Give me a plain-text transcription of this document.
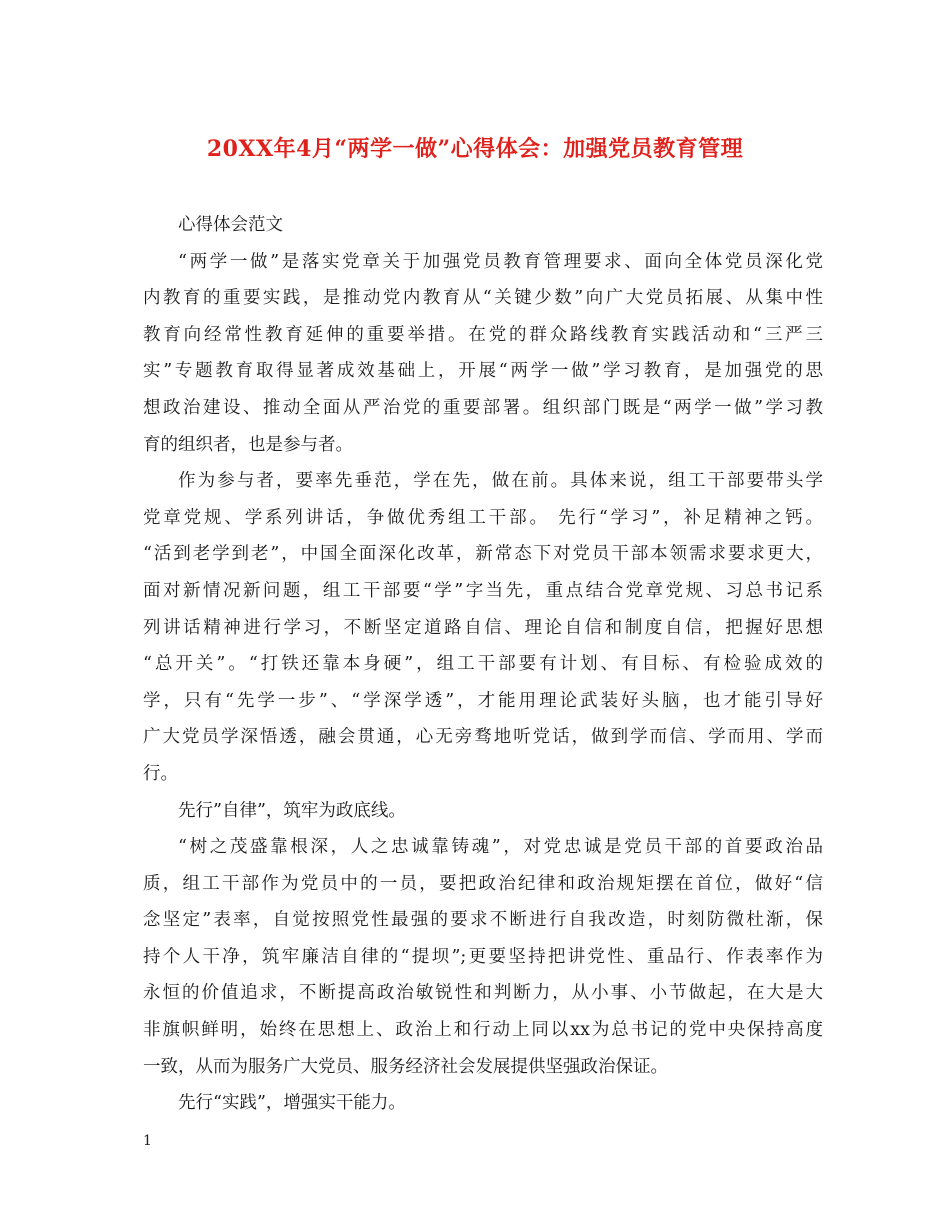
20XX年4月“两学一做”心得体会：加强党员教育管理
心得体会范文
“两学一做”是落实党章关于加强党员教育管理要求、面向全体党员深化党
内教育的重要实践，是推动党内教育从“关键少数”向广大党员拓展、从集中性
教育向经常性教育延伸的重要举措。在党的群众路线教育实践活动和“三严三
实”专题教育取得显著成效基础上，开展“两学一做”学习教育，是加强党的思
想政治建设、推动全面从严治党的重要部署。组织部门既是“两学一做”学习教
育的组织者，也是参与者。
作为参与者，要率先垂范，学在先，做在前。具体来说，组工干部要带头学
党章党规、学系列讲话，争做优秀组工干部。 先行“学习”，补足精神之钙。
“活到老学到老”，中国全面深化改革，新常态下对党员干部本领需求要求更大，
面对新情况新问题，组工干部要“学”字当先，重点结合党章党规、习总书记系
列讲话精神进行学习，不断坚定道路自信、理论自信和制度自信，把握好思想
“总开关”。“打铁还靠本身硬”，组工干部要有计划、有目标、有检验成效的
学，只有“先学一步”、“学深学透”，才能用理论武装好头脑，也才能引导好
广大党员学深悟透，融会贯通，心无旁骛地听党话，做到学而信、学而用、学而
行。
先行”自律”，筑牢为政底线。
“树之茂盛靠根深，人之忠诚靠铸魂”，对党忠诚是党员干部的首要政治品
质，组工干部作为党员中的一员，要把政治纪律和政治规矩摆在首位，做好“信
念坚定”表率，自觉按照党性最强的要求不断进行自我改造，时刻防微杜渐，保
持个人干净，筑牢廉洁自律的“提坝”;更要坚持把讲党性、重品行、作表率作为
永恒的价值追求，不断提高政治敏锐性和判断力，从小事、小节做起，在大是大
非旗帜鲜明，始终在思想上、政治上和行动上同以xx为总书记的党中央保持高度
一致，从而为服务广大党员、服务经济社会发展提供坚强政治保证。
先行“实践”，增强实干能力。
1
